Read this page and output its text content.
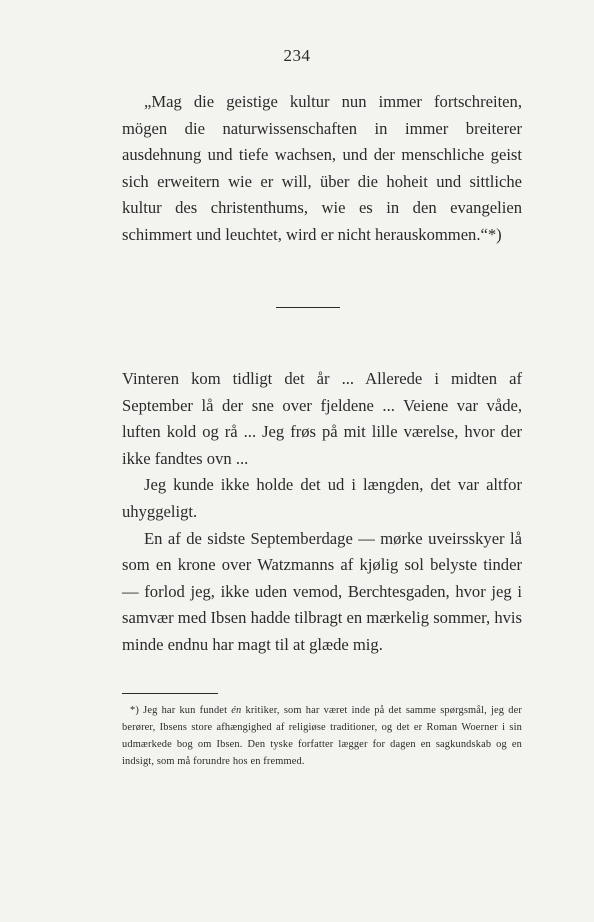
234

„Mag die geistige kultur nun immer fortschreiten, mögen die naturwissenschaften in immer breiterer ausdehnung und tiefe wachsen, und der menschliche geist sich erweitern wie er will, über die hoheit und sittliche kultur des christenthums, wie es in den evangelien schimmert und leuchtet, wird er nicht herauskommen.“*)

Vinteren kom tidligt det år ... Allerede i midten af September lå der sne over fjeldene ... Veiene var våde, luften kold og rå ... Jeg frøs på mit lille værelse, hvor der ikke fandtes ovn ...

Jeg kunde ikke holde det ud i længden, det var altfor uhyggeligt.

En af de sidste Septemberdage — mørke uveirsskyer lå som en krone over Watzmanns af kjølig sol belyste tinder — forlod jeg, ikke uden vemod, Berchtesgaden, hvor jeg i samvær med Ibsen hadde tilbragt en mærkelig sommer, hvis minde endnu har magt til at glæde mig.

*) Jeg har kun fundet én kritiker, som har været inde på det samme spørgsmål, jeg der berører, Ibsens store afhængighed af religiøse traditioner, og det er Roman Woerner i sin udmærkede bog om Ibsen. Den tyske forfatter lægger for dagen en sagkundskab og en indsigt, som må forundre hos en fremmed.
